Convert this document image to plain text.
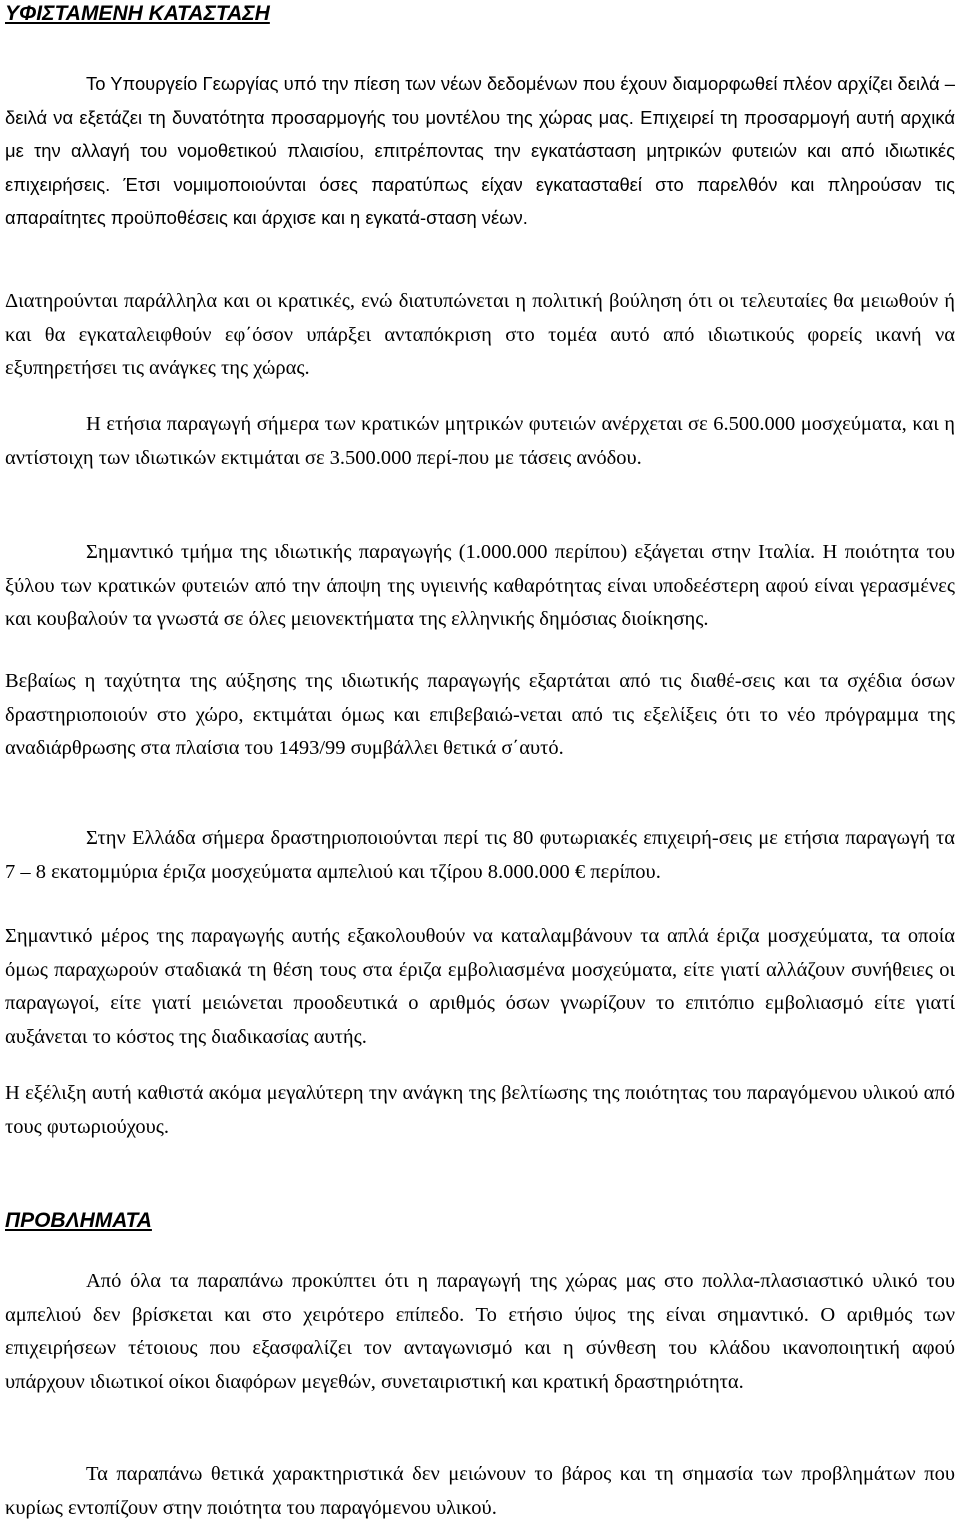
ΥΦΙΣΤΑΜΕΝΗ ΚΑΤΑΣΤΑΣΗ

Το Υπουργείο Γεωργίας υπό την πίεση των νέων δεδομένων που έχουν διαμορφωθεί πλέον αρχίζει δειλά – δειλά να εξετάζει τη δυνατότητα προσαρμογής του μοντέλου της χώρας μας. Επιχειρεί τη προσαρμογή αυτή αρχικά με την αλλαγή του νομοθετικού πλαισίου, επιτρέποντας την εγκατάσταση μητρικών φυτειών και από ιδιωτικές επιχειρήσεις. Έτσι νομιμοποιούνται όσες παρατύπως είχαν εγκατασταθεί στο παρελθόν και πληρούσαν τις απαραίτητες προϋποθέσεις και άρχισε και η εγκατά-σταση νέων.

Διατηρούνται παράλληλα και οι κρατικές, ενώ διατυπώνεται η πολιτική βούληση ότι οι τελευταίες θα μειωθούν ή και θα εγκαταλειφθούν εφ΄όσον υπάρξει ανταπόκριση στο τομέα αυτό από ιδιωτικούς φορείς ικανή να εξυπηρετήσει τις ανάγκες της χώρας.

Η ετήσια παραγωγή σήμερα των κρατικών μητρικών φυτειών ανέρχεται σε 6.500.000 μοσχεύματα, και η αντίστοιχη των ιδιωτικών εκτιμάται σε 3.500.000 περί-που με τάσεις ανόδου.

Σημαντικό τμήμα της ιδιωτικής παραγωγής (1.000.000 περίπου) εξάγεται στην Ιταλία. Η ποιότητα του ξύλου των κρατικών φυτειών από την άποψη της υγιεινής καθαρότητας είναι υποδεέστερη αφού είναι γερασμένες και κουβαλούν τα γνωστά σε όλες μειονεκτήματα της ελληνικής δημόσιας διοίκησης.

Βεβαίως η ταχύτητα της αύξησης της ιδιωτικής παραγωγής εξαρτάται από τις διαθέ-σεις και τα σχέδια όσων δραστηριοποιούν στο χώρο, εκτιμάται όμως και επιβεβαιώ-νεται από τις εξελίξεις ότι το νέο πρόγραμμα της αναδιάρθρωσης στα πλαίσια του 1493/99 συμβάλλει θετικά σ΄αυτό.

Στην Ελλάδα σήμερα δραστηριοποιούνται περί τις 80 φυτωριακές επιχειρή-σεις με ετήσια παραγωγή τα 7 – 8 εκατομμύρια έριζα μοσχεύματα αμπελιού και τζίρου 8.000.000 € περίπου.

Σημαντικό μέρος της παραγωγής αυτής εξακολουθούν να καταλαμβάνουν τα απλά έριζα μοσχεύματα, τα οποία όμως παραχωρούν σταδιακά τη θέση τους στα έριζα εμβολιασμένα μοσχεύματα, είτε γιατί αλλάζουν συνήθειες οι παραγωγοί, είτε γιατί μειώνεται προοδευτικά ο αριθμός όσων γνωρίζουν το επιτόπιο εμβολιασμό είτε γιατί αυξάνεται το κόστος της διαδικασίας αυτής.

Η εξέλιξη αυτή καθιστά ακόμα μεγαλύτερη την ανάγκη της βελτίωσης της ποιότητας του παραγόμενου υλικού από τους φυτωριούχους.

ΠΡΟΒΛΗΜΑΤΑ

Από όλα τα παραπάνω προκύπτει ότι η παραγωγή της χώρας μας στο πολλα-πλασιαστικό υλικό του αμπελιού δεν βρίσκεται και στο χειρότερο επίπεδο. Το ετήσιο ύψος της είναι σημαντικό. Ο αριθμός των επιχειρήσεων τέτοιους που εξασφαλίζει τον ανταγωνισμό και η σύνθεση του κλάδου ικανοποιητική αφού υπάρχουν ιδιωτικοί οίκοι διαφόρων μεγεθών, συνεταιριστική και κρατική δραστηριότητα.

Τα παραπάνω θετικά χαρακτηριστικά δεν μειώνουν το βάρος και τη σημασία των προβλημάτων που κυρίως εντοπίζουν στην ποιότητα του παραγόμενου υλικού.
